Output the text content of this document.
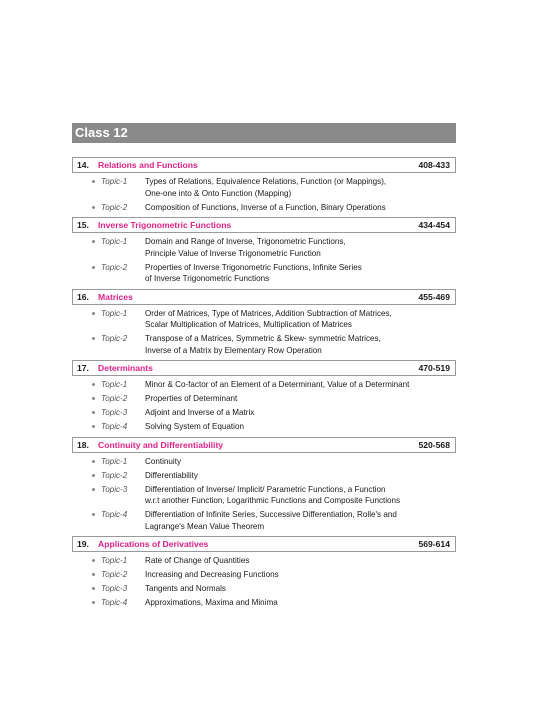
Class 12
14. Relations and Functions	408-433
Topic-1 Types of Relations, Equivalence Relations, Function (or Mappings),
One-one into & Onto Function (Mapping)
Topic-2 Composition of Functions, Inverse of a Function, Binary Operations
15. Inverse Trigonometric Functions	434-454
Topic-1 Domain and Range of Inverse, Trigonometric Functions,
Principle Value of Inverse Trigonometric Function
Topic-2 Properties of Inverse Trigonometric Functions, Infinite Series
of Inverse Trigonometric Functions
16. Matrices	455-469
Topic-1 Order of Matrices, Type of Matrices, Addition Subtraction of Matrices,
Scalar Multiplication of Matrices, Multiplication of Matrices
Topic-2 Transpose of a Matrices, Symmetric & Skew- symmetric Matrices,
Inverse of a Matrix by Elementary Row Operation
17. Determinants	470-519
Topic-1 Minor & Co-factor of an Element of a Determinant, Value of a Determinant
Topic-2 Properties of Determinant
Topic-3 Adjoint and Inverse of a Matrix
Topic-4 Solving System of Equation
18. Continuity and Differentiability	520-568
Topic-1 Continuity
Topic-2 Differentiability
Topic-3 Differentiation of Inverse/ Implicit/ Parametric Functions, a Function
w.r.t another Function, Logarithmic Functions and Composite Functions
Topic-4 Differentiation of Infinite Series, Successive Differentiation, Rolle's and
Lagrange's Mean Value Theorem
19. Applications of Derivatives	569-614
Topic-1 Rate of Change of Quantities
Topic-2 Increasing and Decreasing Functions
Topic-3 Tangents and Normals
Topic-4 Approximations, Maxima and Minima
